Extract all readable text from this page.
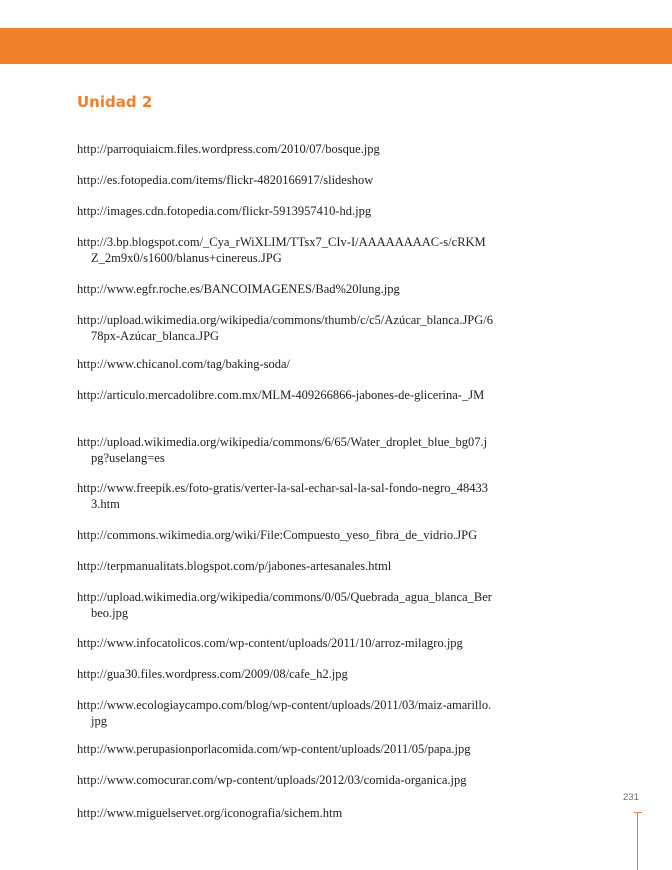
Unidad 2
http://parroquiaicm.files.wordpress.com/2010/07/bosque.jpg
http://es.fotopedia.com/items/flickr-4820166917/slideshow
http://images.cdn.fotopedia.com/flickr-5913957410-hd.jpg
http://3.bp.blogspot.com/_Cya_rWiXLIM/TTsx7_CIv-I/AAAAAAAAC-s/cRKMZ_2m9x0/s1600/blanus+cinereus.JPG
http://www.egfr.roche.es/BANCOIMAGENES/Bad%20lung.jpg
http://upload.wikimedia.org/wikipedia/commons/thumb/c/c5/Azúcar_blanca.JPG/678px-Azúcar_blanca.JPG
http://www.chicanol.com/tag/baking-soda/
http://articulo.mercadolibre.com.mx/MLM-409266866-jabones-de-glicerina-_JM
http://upload.wikimedia.org/wikipedia/commons/6/65/Water_droplet_blue_bg07.jpg?uselang=es
http://www.freepik.es/foto-gratis/verter-la-sal-echar-sal-la-sal-fondo-negro_484333.htm
http://commons.wikimedia.org/wiki/File:Compuesto_yeso_fibra_de_vidrio.JPG
http://terpmanualitats.blogspot.com/p/jabones-artesanales.html
http://upload.wikimedia.org/wikipedia/commons/0/05/Quebrada_agua_blanca_Berbeo.jpg
http://www.infocatolicos.com/wp-content/uploads/2011/10/arroz-milagro.jpg
http://gua30.files.wordpress.com/2009/08/cafe_h2.jpg
http://www.ecologiaycampo.com/blog/wp-content/uploads/2011/03/maiz-amarillo.jpg
http://www.perupasionporlacomida.com/wp-content/uploads/2011/05/papa.jpg
http://www.comocurar.com/wp-content/uploads/2012/03/comida-organica.jpg
http://www.miguelservet.org/iconografia/sichem.htm
231
